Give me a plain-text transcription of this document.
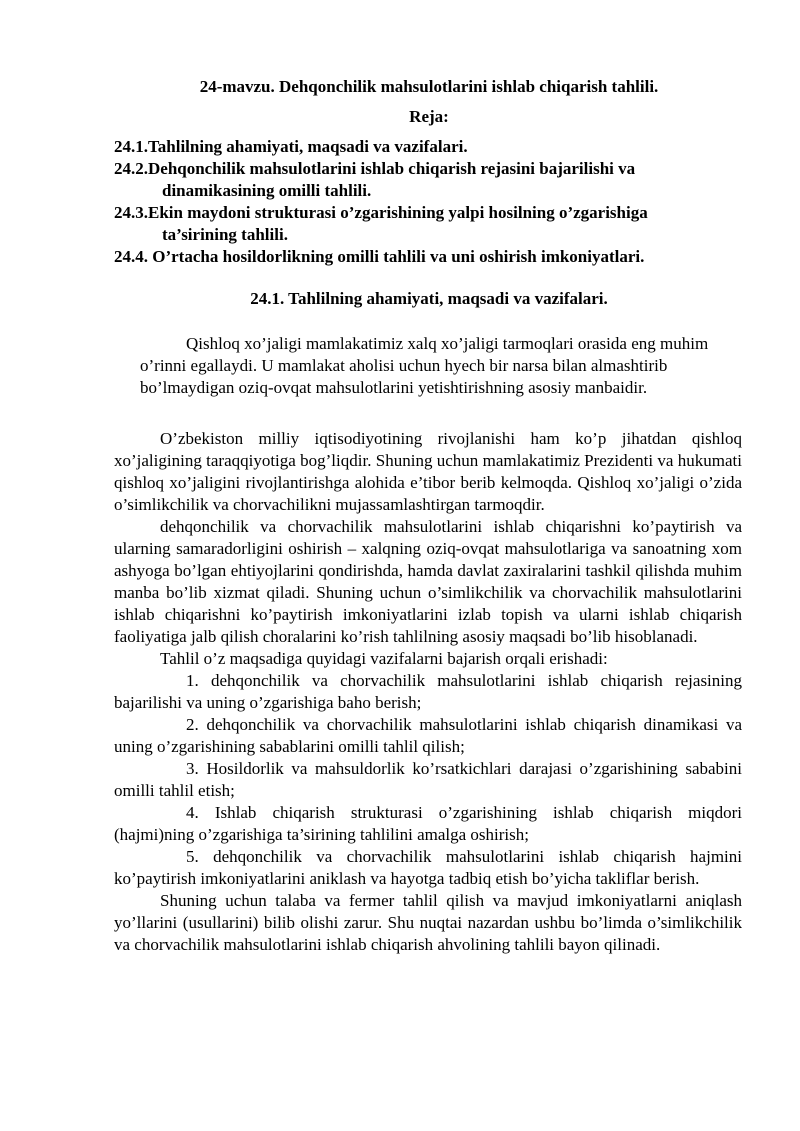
24-mavzu. Dehqonchilik mahsulotlarini ishlab chiqarish tahlili.
Reja:
24.1.Tahlilning ahamiyati, maqsadi va vazifalari.
24.2.Dehqonchilik mahsulotlarini ishlab chiqarish rejasini bajarilishi va
dinamikasining omilli tahlili.
24.3.Ekin maydoni strukturasi o’zgarishining yalpi hosilning o’zgarishiga
ta’sirining tahlili.
24.4. O’rtacha hosildorlikning omilli tahlili va uni oshirish imkoniyatlari.
24.1. Tahlilning ahamiyati, maqsadi va vazifalari.
Qishloq xo’jaligi mamlakatimiz xalq xo’jaligi tarmoqlari orasida eng muhim o’rinni egallaydi. U mamlakat aholisi uchun hyech bir narsa bilan almashtirib bo’lmaydigan oziq-ovqat mahsulotlarini yetishtirishning asosiy manbaidir.

O’zbekiston milliy iqtisodiyotining rivojlanishi ham ko’p jihatdan qishloq xo’jaligining taraqqiyotiga bog’liqdir. Shuning uchun mamlakatimiz Prezidenti va hukumati qishloq xo’jaligini rivojlantirishga alohida e’tibor berib kelmoqda. Qishloq xo’jaligi o’zida o’simlikchilik va chorvachilikni mujassamlashtirgan tarmoqdir.

dehqonchilik va chorvachilik mahsulotlarini ishlab chiqarishni ko’paytirish va ularning samaradorligini oshirish – xalqning oziq-ovqat mahsulotlariga va sanoatning xom ashyoga bo’lgan ehtiyojlarini qondirishda, hamda davlat zaxiralarini tashkil qilishda muhim manba bo’lib xizmat qiladi. Shuning uchun o’simlikchilik va chorvachilik mahsulotlarini ishlab chiqarishni ko’paytirish imkoniyatlarini izlab topish va ularni ishlab chiqarish faoliyatiga jalb qilish choralarini ko’rish tahlilning asosiy maqsadi bo’lib hisoblanadi.

Tahlil o’z maqsadiga quyidagi vazifalarni bajarish orqali erishadi:

1. dehqonchilik va chorvachilik mahsulotlarini ishlab chiqarish rejasining bajarilishi va uning o’zgarishiga baho berish;

2. dehqonchilik va chorvachilik mahsulotlarini ishlab chiqarish dinamikasi va uning o’zgarishining sabablarini omilli tahlil qilish;

3. Hosildorlik va mahsuldorlik ko’rsatkichlari darajasi o’zgarishining sababini omilli tahlil etish;

4. Ishlab chiqarish strukturasi o’zgarishining ishlab chiqarish miqdori (hajmi)ning o’zgarishiga ta’sirining tahlilini amalga oshirish;

5. dehqonchilik va chorvachilik mahsulotlarini ishlab chiqarish hajmini ko’paytirish imkoniyatlarini aniklash va hayotga tadbiq etish bo’yicha takliflar berish.

Shuning uchun talaba va fermer tahlil qilish va mavjud imkoniyatlarni aniqlash yo’llarini (usullarini) bilib olishi zarur. Shu nuqtai nazardan ushbu bo’limda o’simlikchilik va chorvachilik mahsulotlarini ishlab chiqarish ahvolining tahlili bayon qilinadi.
